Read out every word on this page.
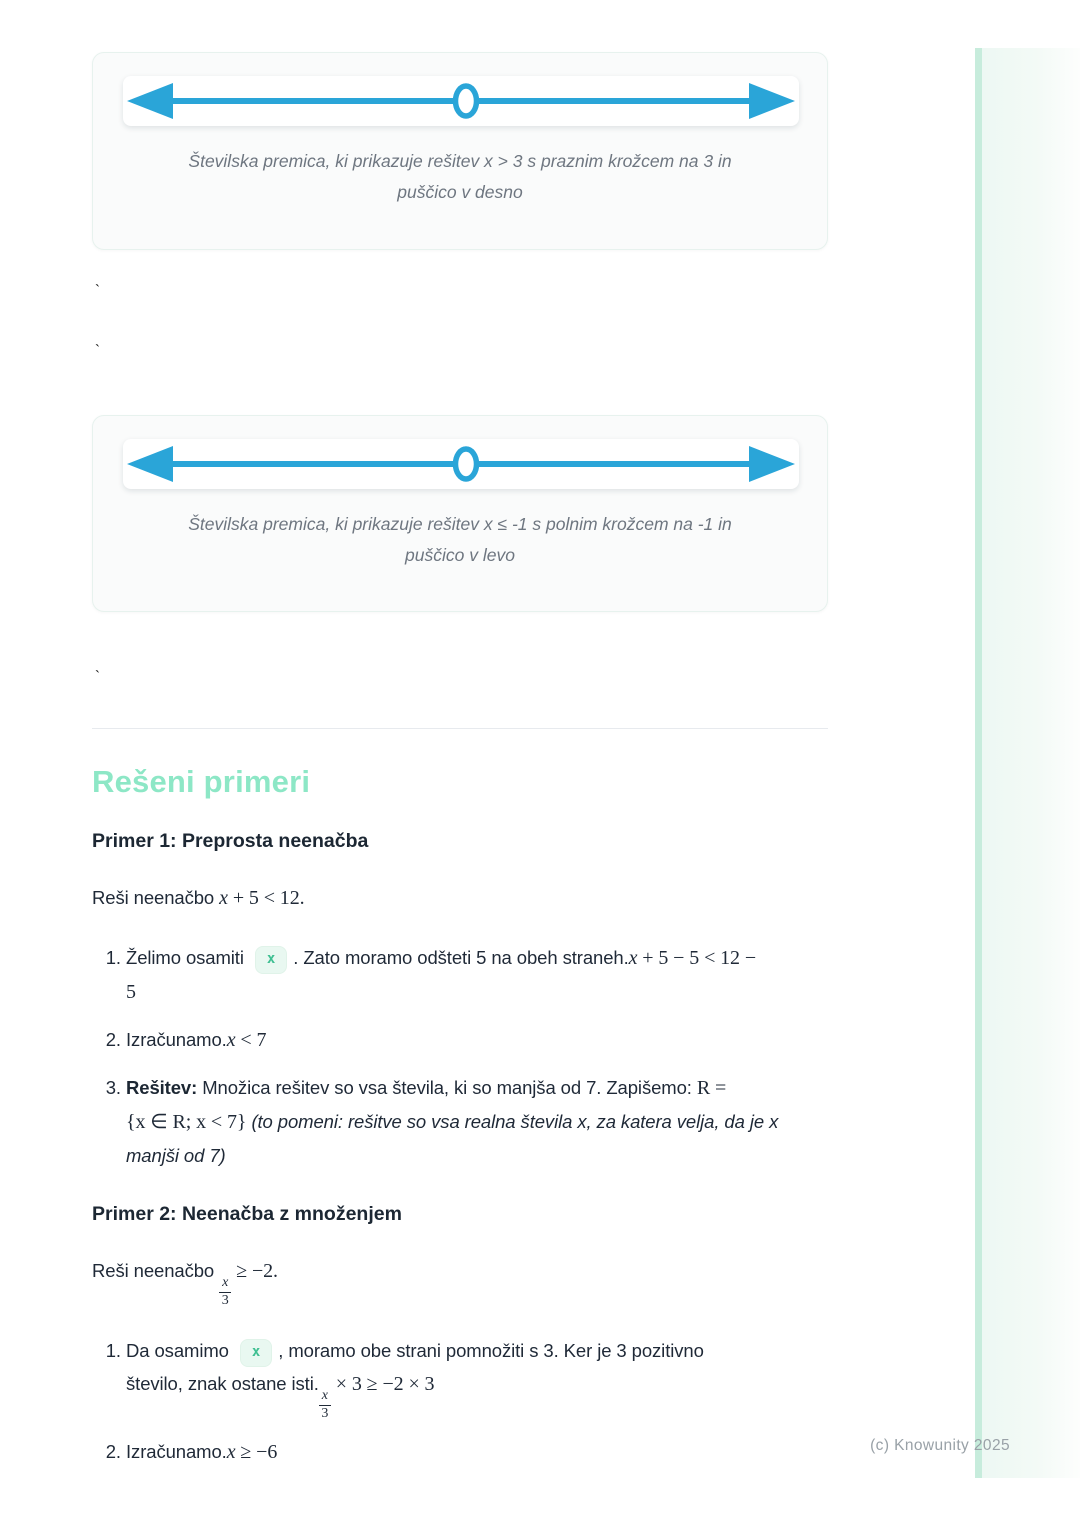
Številska premica, ki prikazuje rešitev x > 3 s praznim krožcem na 3 in
puščico v desno
`
`
Številska premica, ki prikazuje rešitev x ≤ -1 s polnim krožcem na -1 in
puščico v levo
`
Rešeni primeri
Primer 1: Preprosta neenačba

Reši neenačbo x + 5 < 12.

1. Želimo osamiti x . Zato moramo odšteti 5 na obeh straneh.x + 5 − 5 < 12 −
5
2. Izračunamo.x < 7
3. Rešitev: Množica rešitev so vsa števila, ki so manjša od 7. Zapišemo: R =
{x ∈ R; x < 7} (to pomeni: rešitve so vsa realna števila x, za katera velja, da je x manjši od 7)
Primer 2: Neenačba z množenjem

Reši neenačbo
$\frac{x}{3}$
≥ −2.

1. Da osamimo x , moramo obe strani pomnožiti s 3. Ker je 3 pozitivno
število, znak ostane isti.
$\frac{x}{3}$
× 3 ≥ −2 × 3
2. Izračunamo.x ≥ −6	(c) Knowunity 2025
